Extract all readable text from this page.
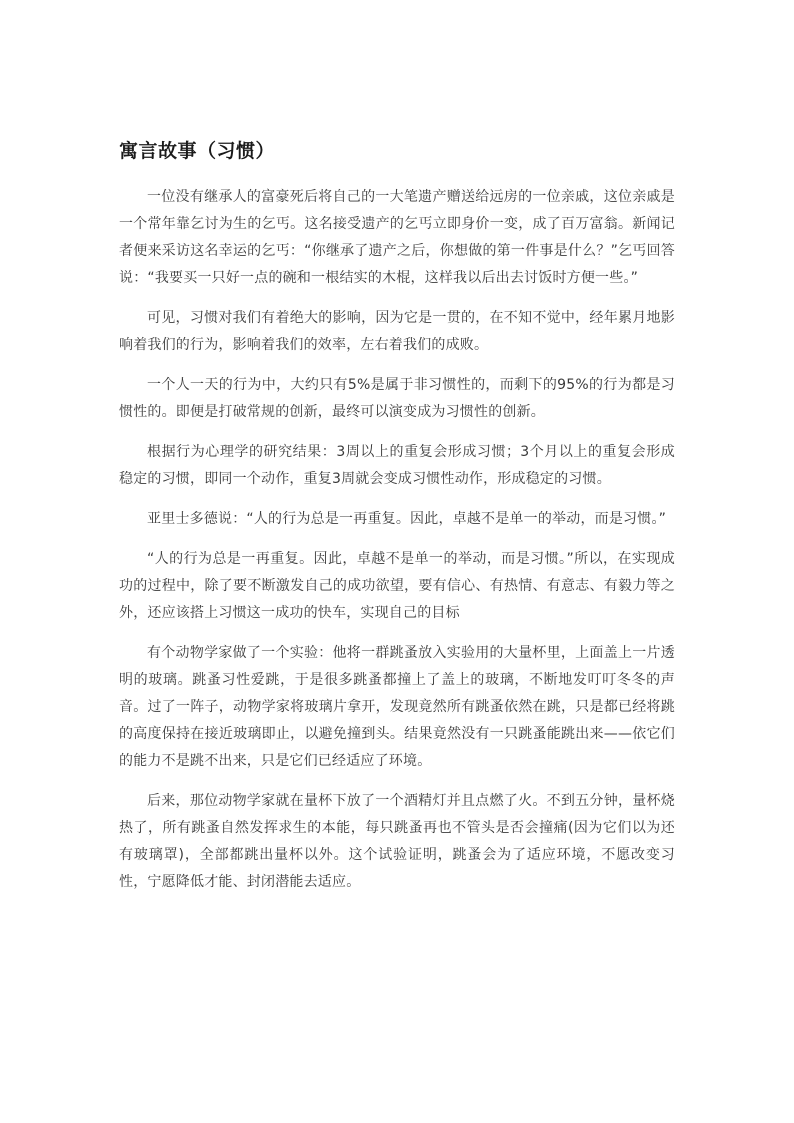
寓言故事（习惯）

一位没有继承人的富豪死后将自己的一大笔遗产赠送给远房的一位亲戚，这位亲戚是一个常年靠乞讨为生的乞丐。这名接受遗产的乞丐立即身价一变，成了百万富翁。新闻记者便来采访这名幸运的乞丐：“你继承了遗产之后，你想做的第一件事是什么？”乞丐回答说：“我要买一只好一点的碗和一根结实的木棍，这样我以后出去讨饭时方便一些。”

可见，习惯对我们有着绝大的影响，因为它是一贯的，在不知不觉中，经年累月地影响着我们的行为，影响着我们的效率，左右着我们的成败。

一个人一天的行为中，大约只有5%是属于非习惯性的，而剩下的95%的行为都是习惯性的。即便是打破常规的创新，最终可以演变成为习惯性的创新。

根据行为心理学的研究结果：3周以上的重复会形成习惯；3个月以上的重复会形成稳定的习惯，即同一个动作，重复3周就会变成习惯性动作，形成稳定的习惯。

亚里士多德说：“人的行为总是一再重复。因此，卓越不是单一的举动，而是习惯。”

“人的行为总是一再重复。因此，卓越不是单一的举动，而是习惯。”所以，在实现成功的过程中，除了要不断激发自己的成功欲望，要有信心、有热情、有意志、有毅力等之外，还应该搭上习惯这一成功的快车，实现自己的目标

有个动物学家做了一个实验：他将一群跳蚤放入实验用的大量杯里，上面盖上一片透明的玻璃。跳蚤习性爱跳，于是很多跳蚤都撞上了盖上的玻璃，不断地发叮叮冬冬的声音。过了一阵子，动物学家将玻璃片拿开，发现竟然所有跳蚤依然在跳，只是都已经将跳的高度保持在接近玻璃即止，以避免撞到头。结果竟然没有一只跳蚤能跳出来——依它们的能力不是跳不出来，只是它们已经适应了环境。

后来，那位动物学家就在量杯下放了一个酒精灯并且点燃了火。不到五分钟，量杯烧热了，所有跳蚤自然发挥求生的本能，每只跳蚤再也不管头是否会撞痛(因为它们以为还有玻璃罩)，全部都跳出量杯以外。这个试验证明，跳蚤会为了适应环境，不愿改变习性，宁愿降低才能、封闭潜能去适应。
